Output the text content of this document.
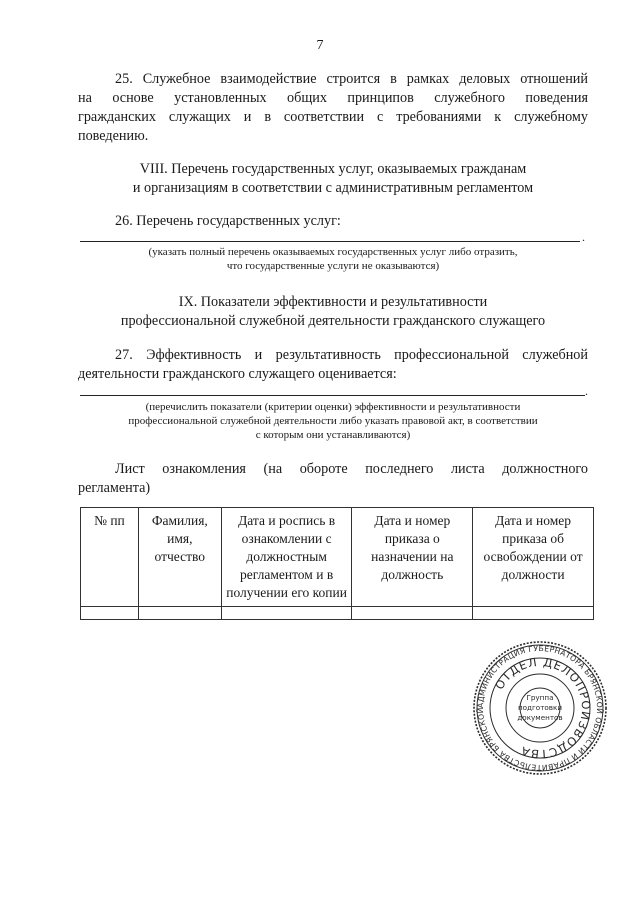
7
25. Служебное взаимодействие строится в рамках деловых отношений
на основе установленных общих принципов служебного поведения
гражданских служащих и в соответствии с требованиями к служебному
поведению.
VIII. Перечень государственных услуг, оказываемых гражданам
и организациям в соответствии с административным регламентом
26. Перечень государственных услуг:
.
(указать полный перечень оказываемых государственных услуг либо отразить,
что государственные услуги не оказываются)
IX. Показатели эффективности и результативности
профессиональной служебной деятельности гражданского служащего
27. Эффективность и результативность профессиональной служебной
деятельности гражданского служащего оценивается:
.
(перечислить показатели (критерии оценки) эффективности и результативности
профессиональной служебной деятельности либо указать правовой акт, в соответствии
с которым они устанавливаются)
Лист ознакомления (на обороте последнего листа должностного
регламента)
№ пп	Фамилия, имя, отчество	Дата и роспись в ознакомлении с должностным регламентом и в получении его копии	Дата и номер приказа о назначении на должность	Дата и номер приказа об освобождении от должности

АДМИНИСТРАЦИЯ ГУБЕРНАТОРА БРЯНСКОЙ ОБЛАСТИ И ПРАВИТЕЛЬСТВА БРЯНСКОЙ
ОТДЕЛ ДЕЛОПРОИЗВОДСТВА
Группа
подготовки
документов
